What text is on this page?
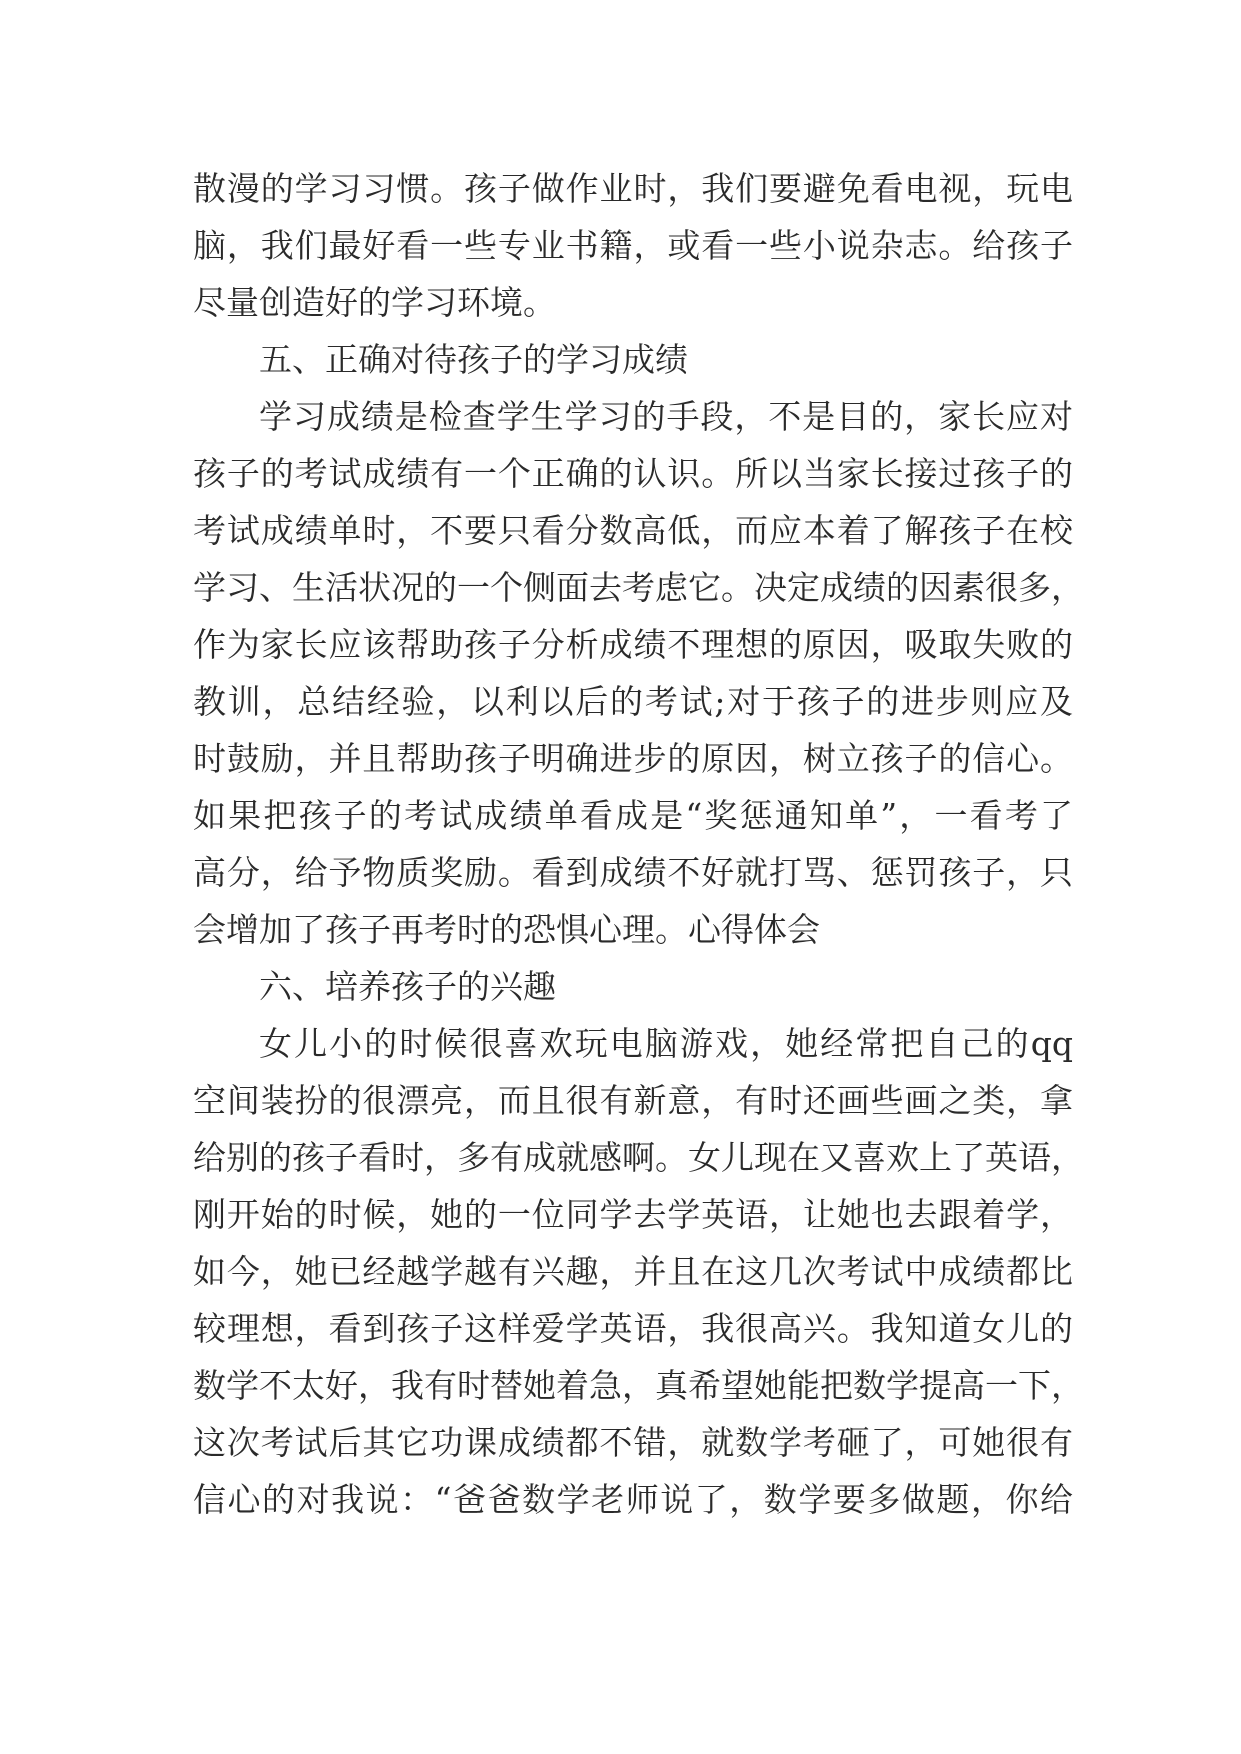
散漫的学习习惯。孩子做作业时，我们要避免看电视，玩电
脑，我们最好看一些专业书籍，或看一些小说杂志。给孩子
尽量创造好的学习环境。
五、正确对待孩子的学习成绩
学习成绩是检查学生学习的手段，不是目的，家长应对
孩子的考试成绩有一个正确的认识。所以当家长接过孩子的
考试成绩单时，不要只看分数高低，而应本着了解孩子在校
学习、生活状况的一个侧面去考虑它。决定成绩的因素很多，
作为家长应该帮助孩子分析成绩不理想的原因，吸取失败的
教训，总结经验，以利以后的考试;对于孩子的进步则应及
时鼓励，并且帮助孩子明确进步的原因，树立孩子的信心。
如果把孩子的考试成绩单看成是“奖惩通知单”，一看考了
高分，给予物质奖励。看到成绩不好就打骂、惩罚孩子，只
会增加了孩子再考时的恐惧心理。心得体会
六、培养孩子的兴趣
女儿小的时候很喜欢玩电脑游戏，她经常把自己的qq
空间装扮的很漂亮，而且很有新意，有时还画些画之类，拿
给别的孩子看时，多有成就感啊。女儿现在又喜欢上了英语，
刚开始的时候，她的一位同学去学英语，让她也去跟着学，
如今，她已经越学越有兴趣，并且在这几次考试中成绩都比
较理想，看到孩子这样爱学英语，我很高兴。我知道女儿的
数学不太好，我有时替她着急，真希望她能把数学提高一下，
这次考试后其它功课成绩都不错，就数学考砸了，可她很有
信心的对我说：“爸爸数学老师说了，数学要多做题，你给
